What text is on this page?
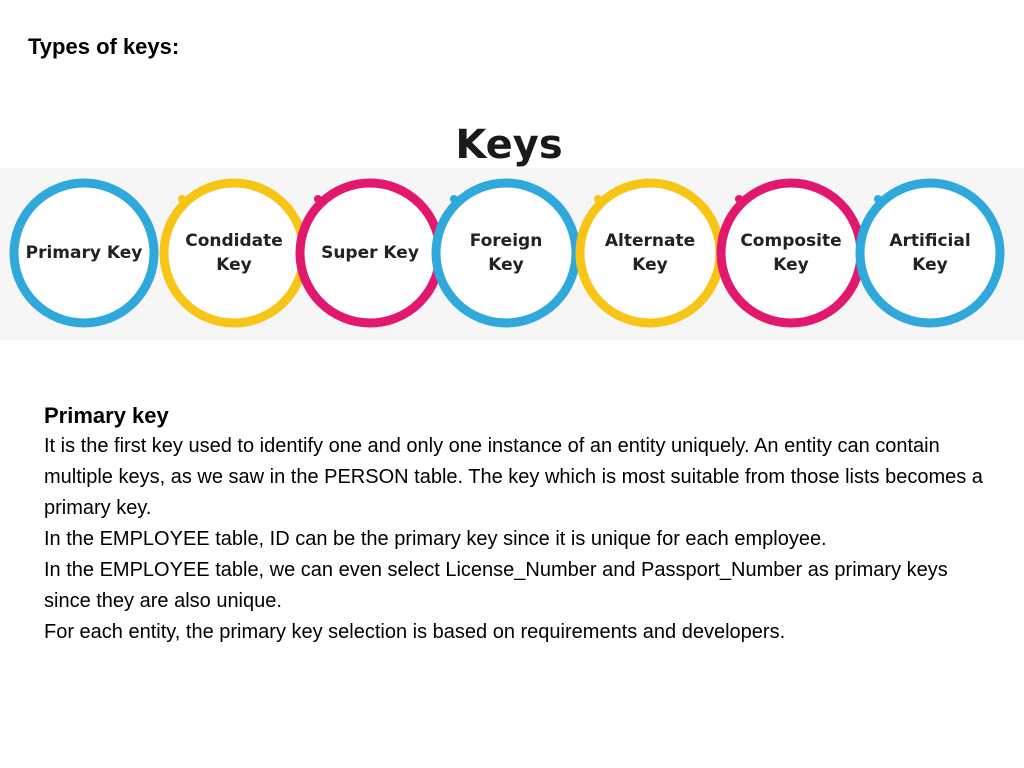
Types of keys:
Keys
Primary Key
Condidate
Key
Super Key
Foreign
Key
Alternate
Key
Composite
Key
Artificial
Key
Primary key

It is the first key used to identify one and only one instance of an entity uniquely. An entity can contain multiple keys, as we saw in the PERSON table. The key which is most suitable from those lists becomes a primary key.

In the EMPLOYEE table, ID can be the primary key since it is unique for each employee.

In the EMPLOYEE table, we can even select License_Number and Passport_Number as primary keys since they are also unique.

For each entity, the primary key selection is based on requirements and developers.
